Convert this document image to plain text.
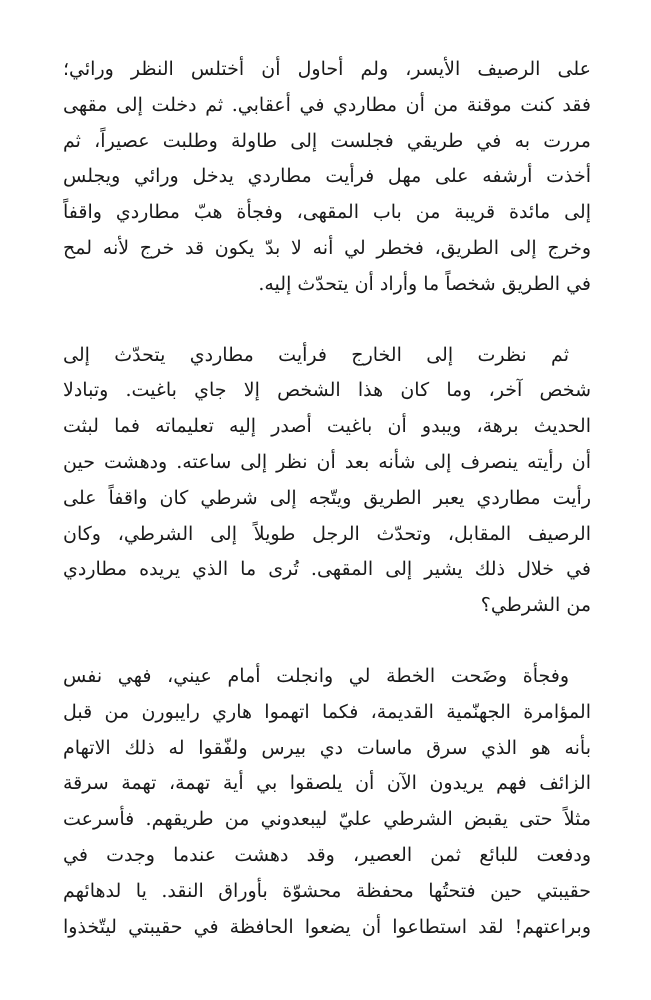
على الرصيف الأيسر، ولم أحاول أن أختلس النظر ورائي؛
فقد كنت موقنة من أن مطاردي في أعقابي. ثم دخلت إلى مقهى
مررت به في طريقي فجلست إلى طاولة وطلبت عصيراً، ثم
أخذت أرشفه على مهل فرأيت مطاردي يدخل ورائي ويجلس
إلى مائدة قريبة من باب المقهى، وفجأة هبّ مطاردي واقفاً
وخرج إلى الطريق، فخطر لي أنه لا بدّ يكون قد خرج لأنه لمح
في الطريق شخصاً ما وأراد أن يتحدّث إليه.
ثم نظرت إلى الخارج فرأيت مطاردي يتحدّث إلى
شخص آخر، وما كان هذا الشخص إلا جاي باغيت. وتبادلا
الحديث برهة، ويبدو أن باغيت أصدر إليه تعليماته فما لبثت
أن رأيته ينصرف إلى شأنه بعد أن نظر إلى ساعته. ودهشت حين
رأيت مطاردي يعبر الطريق ويتّجه إلى شرطي كان واقفاً على
الرصيف المقابل، وتحدّث الرجل طويلاً إلى الشرطي، وكان
في خلال ذلك يشير إلى المقهى. تُرى ما الذي يريده مطاردي
من الشرطي؟
وفجأة وضَحت الخطة لي وانجلت أمام عيني، فهي نفس
المؤامرة الجهنّمية القديمة، فكما اتهموا هاري رايبورن من قبل
بأنه هو الذي سرق ماسات دي بيرس ولفّقوا له ذلك الاتهام
الزائف فهم يريدون الآن أن يلصقوا بي أية تهمة، تهمة سرقة
مثلاً حتى يقبض الشرطي عليّ ليبعدوني من طريقهم. فأسرعت
ودفعت للبائع ثمن العصير، وقد دهشت عندما وجدت في
حقيبتي حين فتحتُها محفظة محشوّة بأوراق النقد. يا لدهائهم
وبراعتهم! لقد استطاعوا أن يضعوا الحافظة في حقيبتي ليتّخذوا
